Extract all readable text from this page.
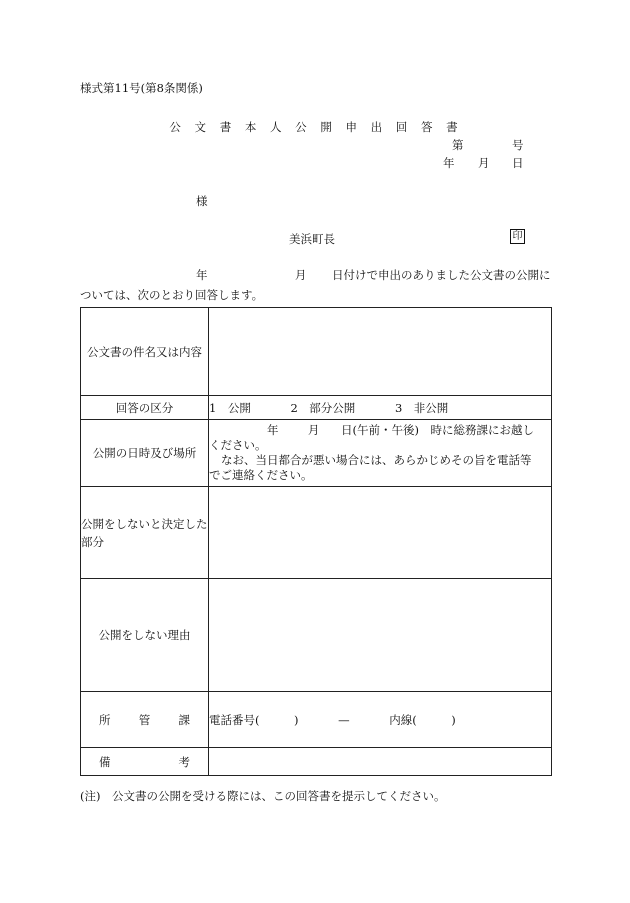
様式第11号(第8条関係)
公 文 書 本 人 公 開 申 出 回 答 書
第	号
年 月 日
様
美浜町長	印
年	月 日付けで申出のありました公文書の公開については、次のとおり回答します。
公文書の件名又は内容	
回答の区分	1　公開 2　部分公開 3　非公開
公開の日時及び場所	年 月 日(午前・午後)　時に総務課にお越し
ください。
なお、当日都合が悪い場合には、あらかじめその旨を電話等
でご連絡ください。

公開をしないと決定した部分	
公開をしない理由	

所 管 課	電話番号(　　　) — 内線(　　　)

備 考	

(注)　公文書の公開を受ける際には、この回答書を提示してください。
